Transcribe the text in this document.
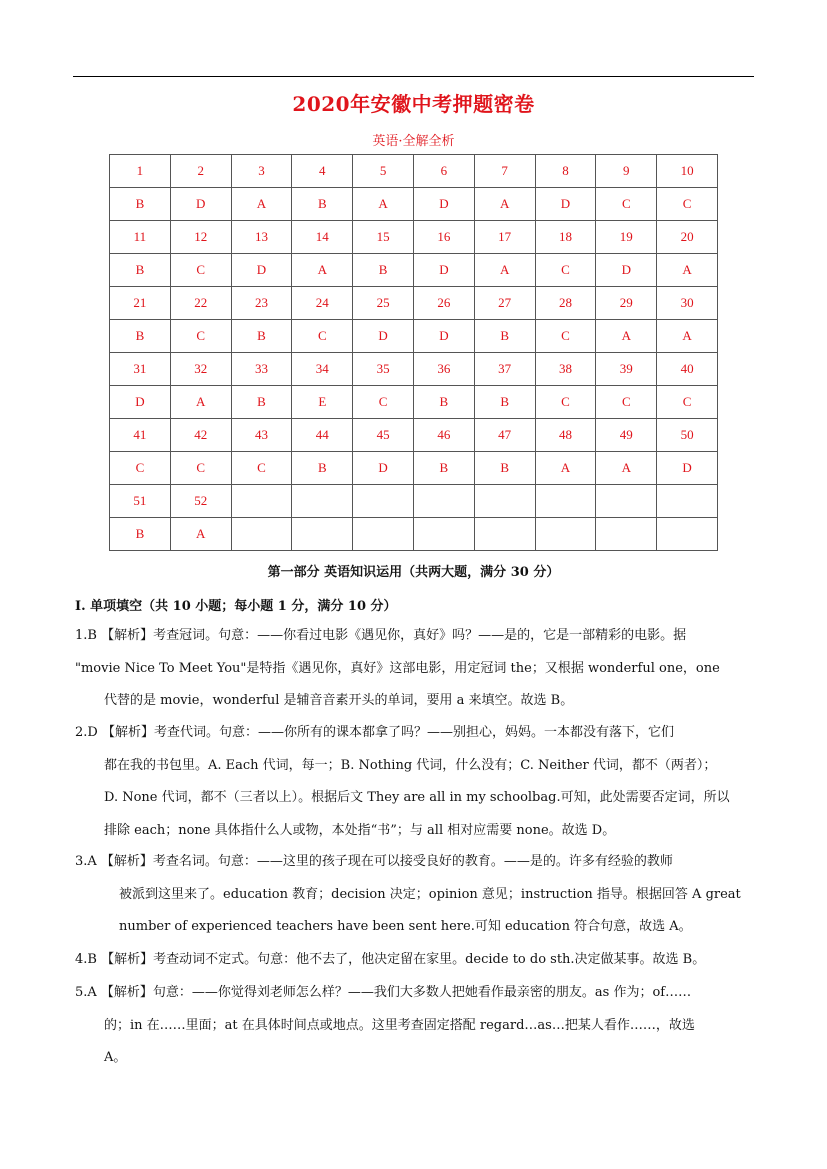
2020年安徽中考押题密卷
英语·全解全析
1	2	3	4	5	6	7	8	9	10
B	D	A	B	A	D	A	D	C	C
11	12	13	14	15	16	17	18	19	20
B	C	D	A	B	D	A	C	D	A
21	22	23	24	25	26	27	28	29	30
B	C	B	C	D	D	B	C	A	A
31	32	33	34	35	36	37	38	39	40
D	A	B	E	C	B	B	C	C	C
41	42	43	44	45	46	47	48	49	50
C	C	C	B	D	B	B	A	A	D
51	52								
B	A								
第一部分 英语知识运用（共两大题，满分 30 分）
I. 单项填空（共 10 小题；每小题 1 分，满分 10 分）
1.B 【解析】考查冠词。句意：——你看过电影《遇见你，真好》吗？——是的，它是一部精彩的电影。据
"movie Nice To Meet You"是特指《遇见你，真好》这部电影，用定冠词 the；又根据 wonderful one，one
代替的是 movie，wonderful 是辅音音素开头的单词，要用 a 来填空。故选 B。
2.D 【解析】考查代词。句意：——你所有的课本都拿了吗？——别担心，妈妈。一本都没有落下，它们
都在我的书包里。A. Each 代词，每一；B. Nothing 代词，什么没有；C. Neither 代词，都不（两者）；
D. None 代词，都不（三者以上）。根据后文 They are all in my schoolbag.可知，此处需要否定词，所以
排除 each；none 具体指什么人或物，本处指“书”；与 all 相对应需要 none。故选 D。
3.A 【解析】考查名词。句意：——这里的孩子现在可以接受良好的教育。——是的。许多有经验的教师
被派到这里来了。education 教育；decision 决定；opinion 意见；instruction 指导。根据回答 A great
number of experienced teachers have been sent here.可知 education 符合句意，故选 A。
4.B 【解析】考查动词不定式。句意：他不去了，他决定留在家里。decide to do sth.决定做某事。故选 B。
5.A 【解析】句意：——你觉得刘老师怎么样？——我们大多数人把她看作最亲密的朋友。as 作为；of……
的；in 在……里面；at 在具体时间点或地点。这里考查固定搭配 regard…as…把某人看作……，故选
A。
